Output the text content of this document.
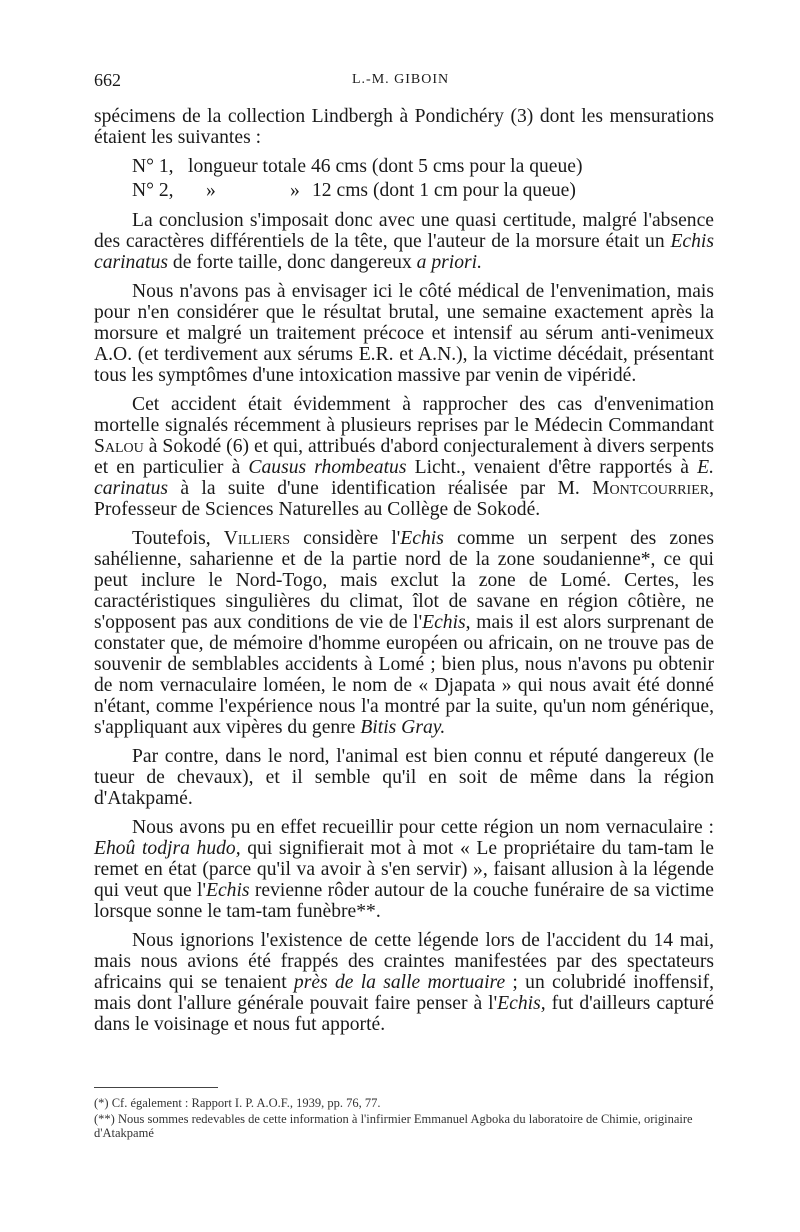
662	L.-M. GIBOIN

spécimens de la collection Lindbergh à Pondichéry (3) dont les mensurations étaient les suivantes :

N° 1, longueur totale 46 cms (dont 5 cms pour la queue)
N° 2, »	» 12 cms (dont 1 cm pour la queue)

La conclusion s'imposait donc avec une quasi certitude, malgré l'absence des caractères différentiels de la tête, que l'auteur de la morsure était un Echis carinatus de forte taille, donc dangereux a priori.

Nous n'avons pas à envisager ici le côté médical de l'envenimation, mais pour n'en considérer que le résultat brutal, une semaine exactement après la morsure et malgré un traitement précoce et intensif au sérum anti-venimeux A.O. (et terdivement aux sérums E.R. et A.N.), la victime décédait, présentant tous les symptômes d'une intoxication massive par venin de vipéridé.

Cet accident était évidemment à rapprocher des cas d'envenimation mortelle signalés récemment à plusieurs reprises par le Médecin Commandant Salou à Sokodé (6) et qui, attribués d'abord conjecturalement à divers serpents et en particulier à Causus rhombeatus Licht., venaient d'être rapportés à E. carinatus à la suite d'une identification réalisée par M. Montcourrier, Professeur de Sciences Naturelles au Collège de Sokodé.

Toutefois, Villiers considère l'Echis comme un serpent des zones sahélienne, saharienne et de la partie nord de la zone soudanienne*, ce qui peut inclure le Nord-Togo, mais exclut la zone de Lomé. Certes, les caractéristiques singulières du climat, îlot de savane en région côtière, ne s'opposent pas aux conditions de vie de l'Echis, mais il est alors surprenant de constater que, de mémoire d'homme européen ou africain, on ne trouve pas de souvenir de semblables accidents à Lomé ; bien plus, nous n'avons pu obtenir de nom vernaculaire loméen, le nom de « Djapata » qui nous avait été donné n'étant, comme l'expérience nous l'a montré par la suite, qu'un nom générique, s'appliquant aux vipères du genre Bitis Gray.

Par contre, dans le nord, l'animal est bien connu et réputé dangereux (le tueur de chevaux), et il semble qu'il en soit de même dans la région d'Atakpamé.

Nous avons pu en effet recueillir pour cette région un nom vernaculaire : Ehoû todjra hudo, qui signifierait mot à mot « Le propriétaire du tam-tam le remet en état (parce qu'il va avoir à s'en servir) », faisant allusion à la légende qui veut que l'Echis revienne rôder autour de la couche funéraire de sa victime lorsque sonne le tam-tam funèbre**.

Nous ignorions l'existence de cette légende lors de l'accident du 14 mai, mais nous avions été frappés des craintes manifestées par des spectateurs africains qui se tenaient près de la salle mortuaire ; un colubridé inoffensif, mais dont l'allure générale pouvait faire penser à l'Echis, fut d'ailleurs capturé dans le voisinage et nous fut apporté.

(*) Cf. également : Rapport I. P. A.O.F., 1939, pp. 76, 77.
(**) Nous sommes redevables de cette information à l'infirmier Emmanuel Agboka du laboratoire de Chimie, originaire d'Atakpamé
